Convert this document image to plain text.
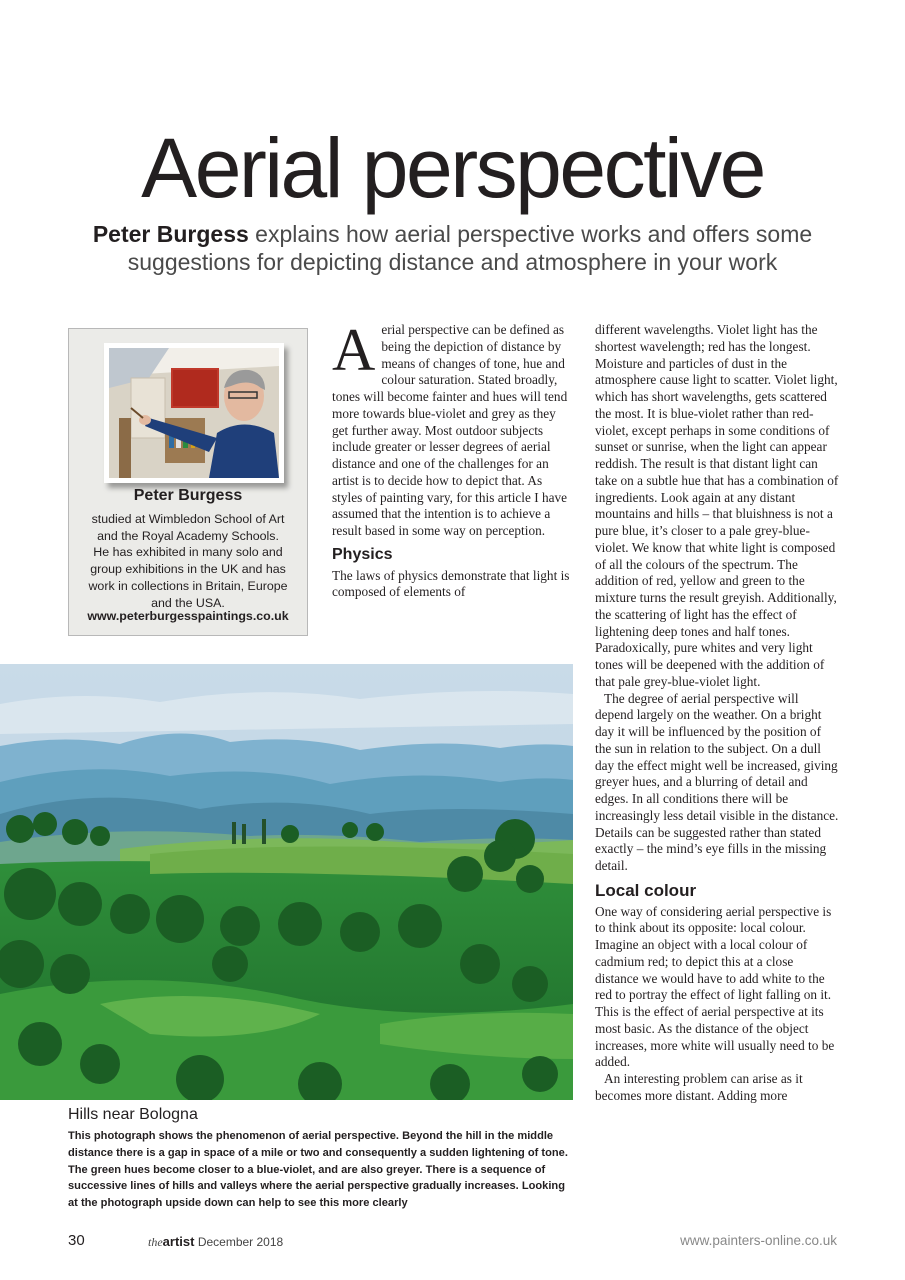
Aerial perspective
Peter Burgess explains how aerial perspective works and offers some
suggestions for depicting distance and atmosphere in your work
Peter Burgess
studied at Wimbledon School of Art
and the Royal Academy Schools.
He has exhibited in many solo and
group exhibitions in the UK and has
work in collections in Britain, Europe
and the USA.
www.peterburgesspaintings.co.uk

Aerial perspective can be defined as being the depiction of distance by means of changes of tone, hue and colour saturation. Stated broadly, tones will become fainter and hues will tend more towards blue-violet and grey as they get further away. Most outdoor subjects include greater or lesser degrees of aerial distance and one of the challenges for an artist is to decide how to depict that. As styles of painting vary, for this article I have assumed that the intention is to achieve a result based in some way on perception.

Physics

The laws of physics demonstrate that light is composed of elements of

different wavelengths. Violet light has the shortest wavelength; red has the longest. Moisture and particles of dust in the atmosphere cause light to scatter. Violet light, which has short wavelengths, gets scattered the most. It is blue-violet rather than red-violet, except perhaps in some conditions of sunset or sunrise, when the light can appear reddish. The result is that distant light can take on a subtle hue that has a combination of ingredients. Look again at any distant mountains and hills – that bluishness is not a pure blue, it’s closer to a pale grey-blue-violet. We know that white light is composed of all the colours of the spectrum. The addition of red, yellow and green to the mixture turns the result greyish. Additionally, the scattering of light has the effect of lightening deep tones and half tones. Paradoxically, pure whites and very light tones will be deepened with the addition of that pale grey-blue-violet light.

The degree of aerial perspective will depend largely on the weather. On a bright day it will be influenced by the position of the sun in relation to the subject. On a dull day the effect might well be increased, giving greyer hues, and a blurring of detail and edges. In all conditions there will be increasingly less detail visible in the distance. Details can be suggested rather than stated exactly – the mind’s eye fills in the missing detail.

Local colour

One way of considering aerial perspective is to think about its opposite: local colour. Imagine an object with a local colour of cadmium red; to depict this at a close distance we would have to add white to the red to portray the effect of light falling on it. This is the effect of aerial perspective at its most basic. As the distance of the object increases, more white will usually need to be added.

An interesting problem can arise as it becomes more distant. Adding more

Hills near Bologna
This photograph shows the phenomenon of aerial perspective. Beyond the hill in the middle distance there is a gap in space of a mile or two and consequently a sudden lightening of tone. The green hues become closer to a blue-violet, and are also greyer. There is a sequence of successive lines of hills and valleys where the aerial perspective gradually increases. Looking at the photograph upside down can help to see this more clearly
30	theartist December 2018	www.painters-online.co.uk
